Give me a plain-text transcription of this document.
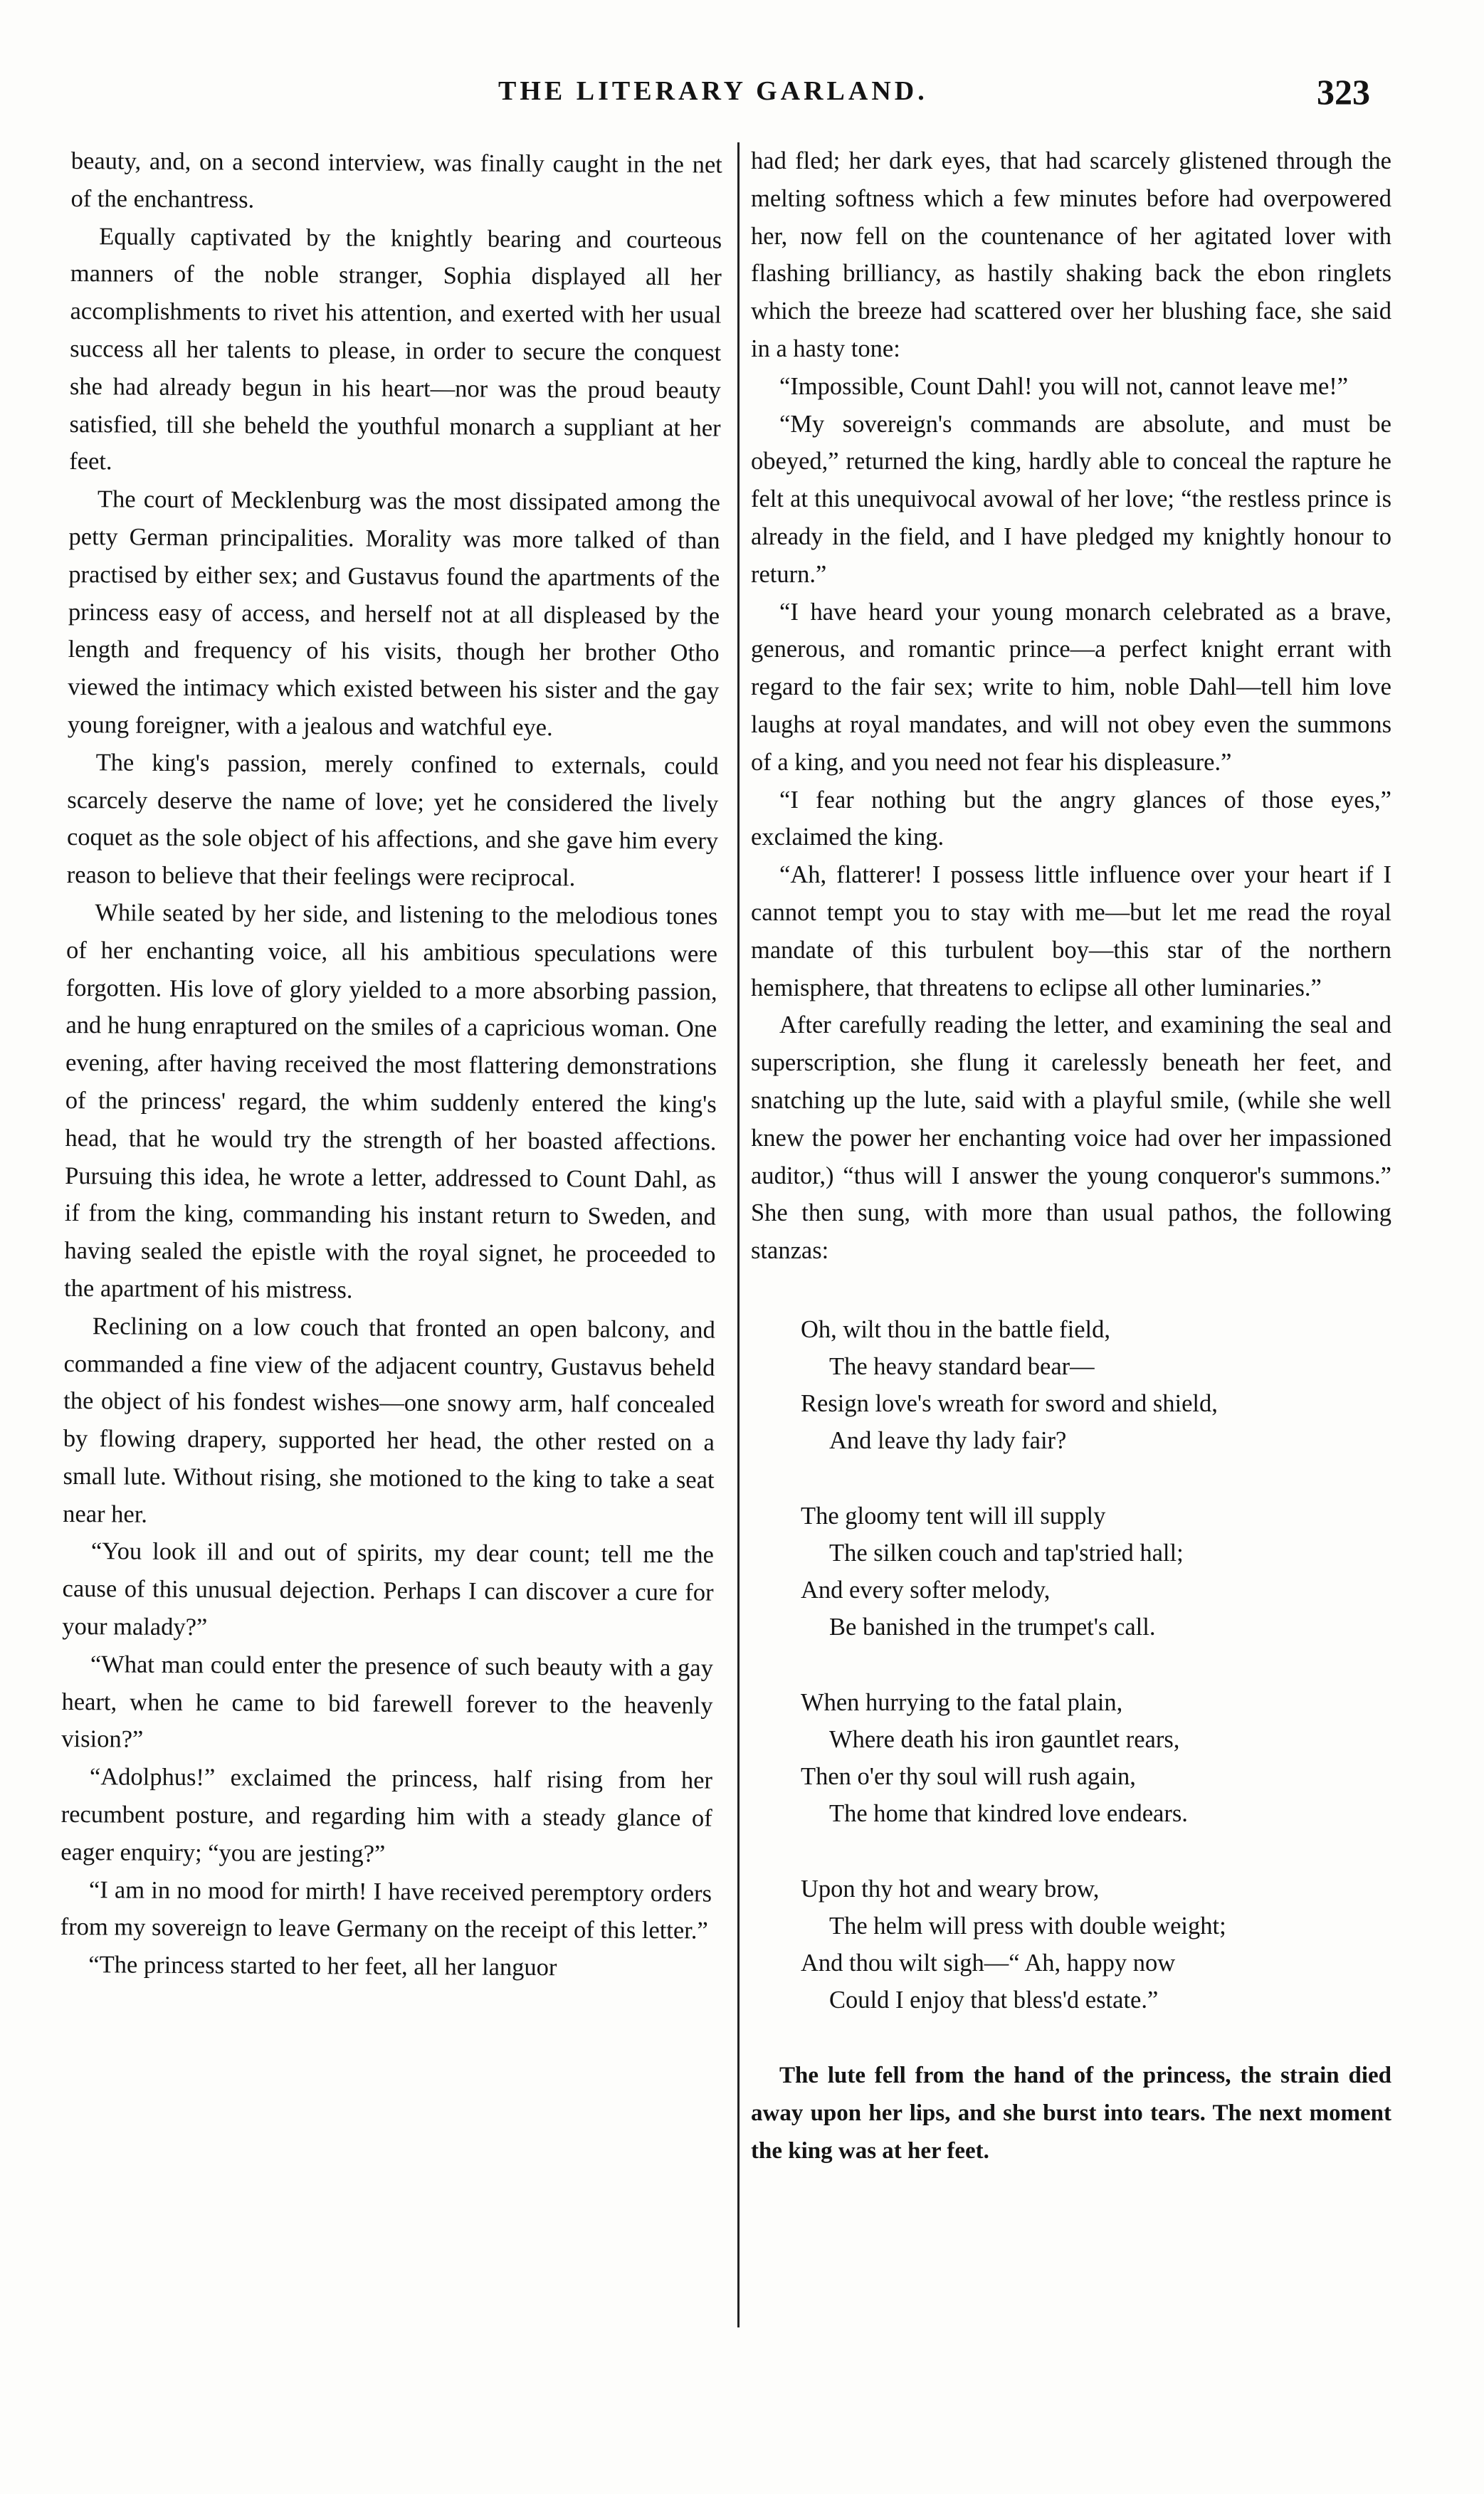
THE LITERARY GARLAND.	323

beauty, and, on a second interview, was finally caught in the net of the enchantress.

Equally captivated by the knightly bearing and courteous manners of the noble stranger, Sophia displayed all her accomplishments to rivet his attention, and exerted with her usual success all her talents to please, in order to secure the conquest she had already begun in his heart—nor was the proud beauty satisfied, till she beheld the youthful monarch a suppliant at her feet.

The court of Mecklenburg was the most dissipated among the petty German principalities. Morality was more talked of than practised by either sex; and Gustavus found the apartments of the princess easy of access, and herself not at all displeased by the length and frequency of his visits, though her brother Otho viewed the intimacy which existed between his sister and the gay young foreigner, with a jealous and watchful eye.

The king's passion, merely confined to externals, could scarcely deserve the name of love; yet he considered the lively coquet as the sole object of his affections, and she gave him every reason to believe that their feelings were reciprocal.

While seated by her side, and listening to the melodious tones of her enchanting voice, all his ambitious speculations were forgotten. His love of glory yielded to a more absorbing passion, and he hung enraptured on the smiles of a capricious woman. One evening, after having received the most flattering demonstrations of the princess' regard, the whim suddenly entered the king's head, that he would try the strength of her boasted affections. Pursuing this idea, he wrote a letter, addressed to Count Dahl, as if from the king, commanding his instant return to Sweden, and having sealed the epistle with the royal signet, he proceeded to the apartment of his mistress.

Reclining on a low couch that fronted an open balcony, and commanded a fine view of the adjacent country, Gustavus beheld the object of his fondest wishes—one snowy arm, half concealed by flowing drapery, supported her head, the other rested on a small lute. Without rising, she motioned to the king to take a seat near her.

“You look ill and out of spirits, my dear count; tell me the cause of this unusual dejection. Perhaps I can discover a cure for your malady?”

“What man could enter the presence of such beauty with a gay heart, when he came to bid farewell forever to the heavenly vision?”

“Adolphus!” exclaimed the princess, half rising from her recumbent posture, and regarding him with a steady glance of eager enquiry; “you are jesting?”

“I am in no mood for mirth! I have received peremptory orders from my sovereign to leave Germany on the receipt of this letter.”

“The princess started to her feet, all her languor

had fled; her dark eyes, that had scarcely glistened through the melting softness which a few minutes before had overpowered her, now fell on the countenance of her agitated lover with flashing brilliancy, as hastily shaking back the ebon ringlets which the breeze had scattered over her blushing face, she said in a hasty tone:

“Impossible, Count Dahl! you will not, cannot leave me!”

“My sovereign's commands are absolute, and must be obeyed,” returned the king, hardly able to conceal the rapture he felt at this unequivocal avowal of her love; “the restless prince is already in the field, and I have pledged my knightly honour to return.”

“I have heard your young monarch celebrated as a brave, generous, and romantic prince—a perfect knight errant with regard to the fair sex; write to him, noble Dahl—tell him love laughs at royal mandates, and will not obey even the summons of a king, and you need not fear his displeasure.”

“I fear nothing but the angry glances of those eyes,” exclaimed the king.

“Ah, flatterer! I possess little influence over your heart if I cannot tempt you to stay with me—but let me read the royal mandate of this turbulent boy—this star of the northern hemisphere, that threatens to eclipse all other luminaries.”

After carefully reading the letter, and examining the seal and superscription, she flung it carelessly beneath her feet, and snatching up the lute, said with a playful smile, (while she well knew the power her enchanting voice had over her impassioned auditor,) “thus will I answer the young conqueror's summons.” She then sung, with more than usual pathos, the following stanzas:

Oh, wilt thou in the battle field,
The heavy standard bear—
Resign love's wreath for sword and shield,
And leave thy lady fair?
The gloomy tent will ill supply
The silken couch and tap'stried hall;
And every softer melody,
Be banished in the trumpet's call.
When hurrying to the fatal plain,
Where death his iron gauntlet rears,
Then o'er thy soul will rush again,
The home that kindred love endears.
Upon thy hot and weary brow,
The helm will press with double weight;
And thou wilt sigh—“ Ah, happy now
Could I enjoy that bless'd estate.”

The lute fell from the hand of the princess, the strain died away upon her lips, and she burst into tears. The next moment the king was at her feet.
